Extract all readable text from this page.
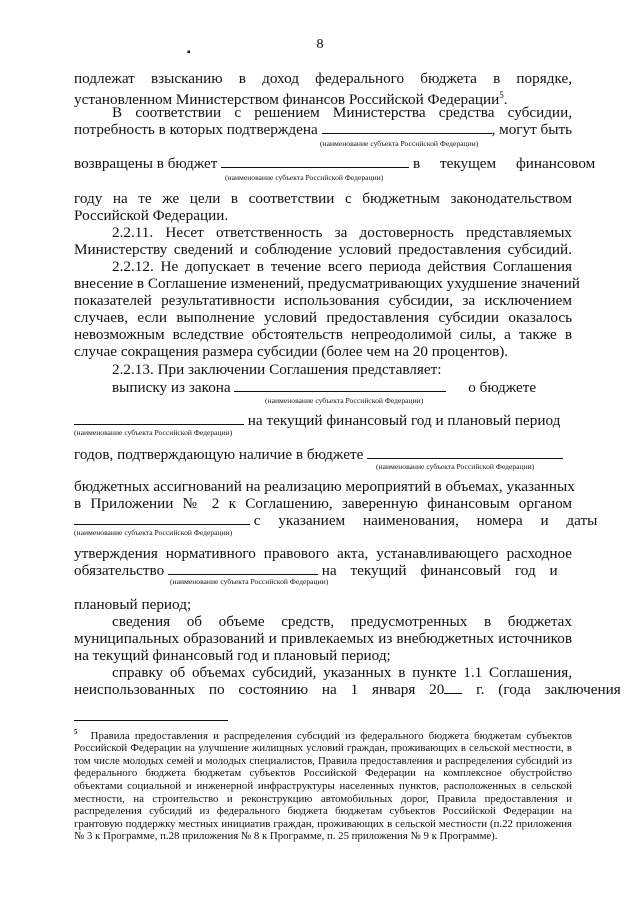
8
▪
подлежат взысканию в доход федерального бюджета в порядке,
установленном Министерством финансов Российской Федерации$^5$.
В соответствии с решением Министерства средства субсидии,
потребность в которых подтверждена	, могут быть
(наименование субъекта Российской Федерации)
возвращены в бюджет	в текущем финансовом
(наименование субъекта Российской Федерации)
году на те же цели в соответствии с бюджетным законодательством
Российской Федерации.
2.2.11. Несет ответственность за достоверность представляемых
Министерству сведений и соблюдение условий предоставления субсидий.
2.2.12. Не допускает в течение всего периода действия Соглашения
внесение в Соглашение изменений, предусматривающих ухудшение значений
показателей результативности использования субсидии, за исключением
случаев, если выполнение условий предоставления субсидии оказалось
невозможным вследствие обстоятельств непреодолимой силы, а также в
случае сокращения размера субсидии (более чем на 20 процентов).
2.2.13. При заключении Соглашения представляет:
выписку из закона	о бюджете
(наименование субъекта Российской Федерации)
на текущий финансовый год и плановый период
(наименование субъекта Российской Федерации)
годов, подтверждающую наличие в бюджете
(наименование субъекта Российской Федерации)
бюджетных ассигнований на реализацию мероприятий в объемах, указанных
в Приложении № 2 к Соглашению, заверенную финансовым органом
с указанием наименования, номера и даты
(наименование субъекта Российской Федерации)
утверждения нормативного правового акта, устанавливающего расходное
обязательство	на текущий финансовый год и
(наименование субъекта Российской Федерации)
плановый период;
сведения об объеме средств, предусмотренных в бюджетах
муниципальных образований и привлекаемых из внебюджетных источников
на текущий финансовый год и плановый период;
справку об объемах субсидий, указанных в пункте 1.1 Соглашения,
неиспользованных по состоянию на 1 января 20 г. (года заключения
$^5$ Правила предоставления и распределения субсидий из федерального бюджета бюджетам субъектов Российской Федерации на улучшение жилищных условий граждан, проживающих в сельской местности, в том числе молодых семей и молодых специалистов, Правила предоставления и распределения субсидий из федерального бюджета бюджетам субъектов Российской Федерации на комплексное обустройство объектами социальной и инженерной инфраструктуры населенных пунктов, расположенных в сельской местности, на строительство и реконструкцию автомобильных дорог, Правила предоставления и распределения субсидий из федерального бюджета бюджетам субъектов Российской Федерации на грантовую поддержку местных инициатив граждан, проживающих в сельской местности (п.22 приложения № 3 к Программе, п.28 приложения № 8 к Программе, п. 25 приложения № 9 к Программе).
